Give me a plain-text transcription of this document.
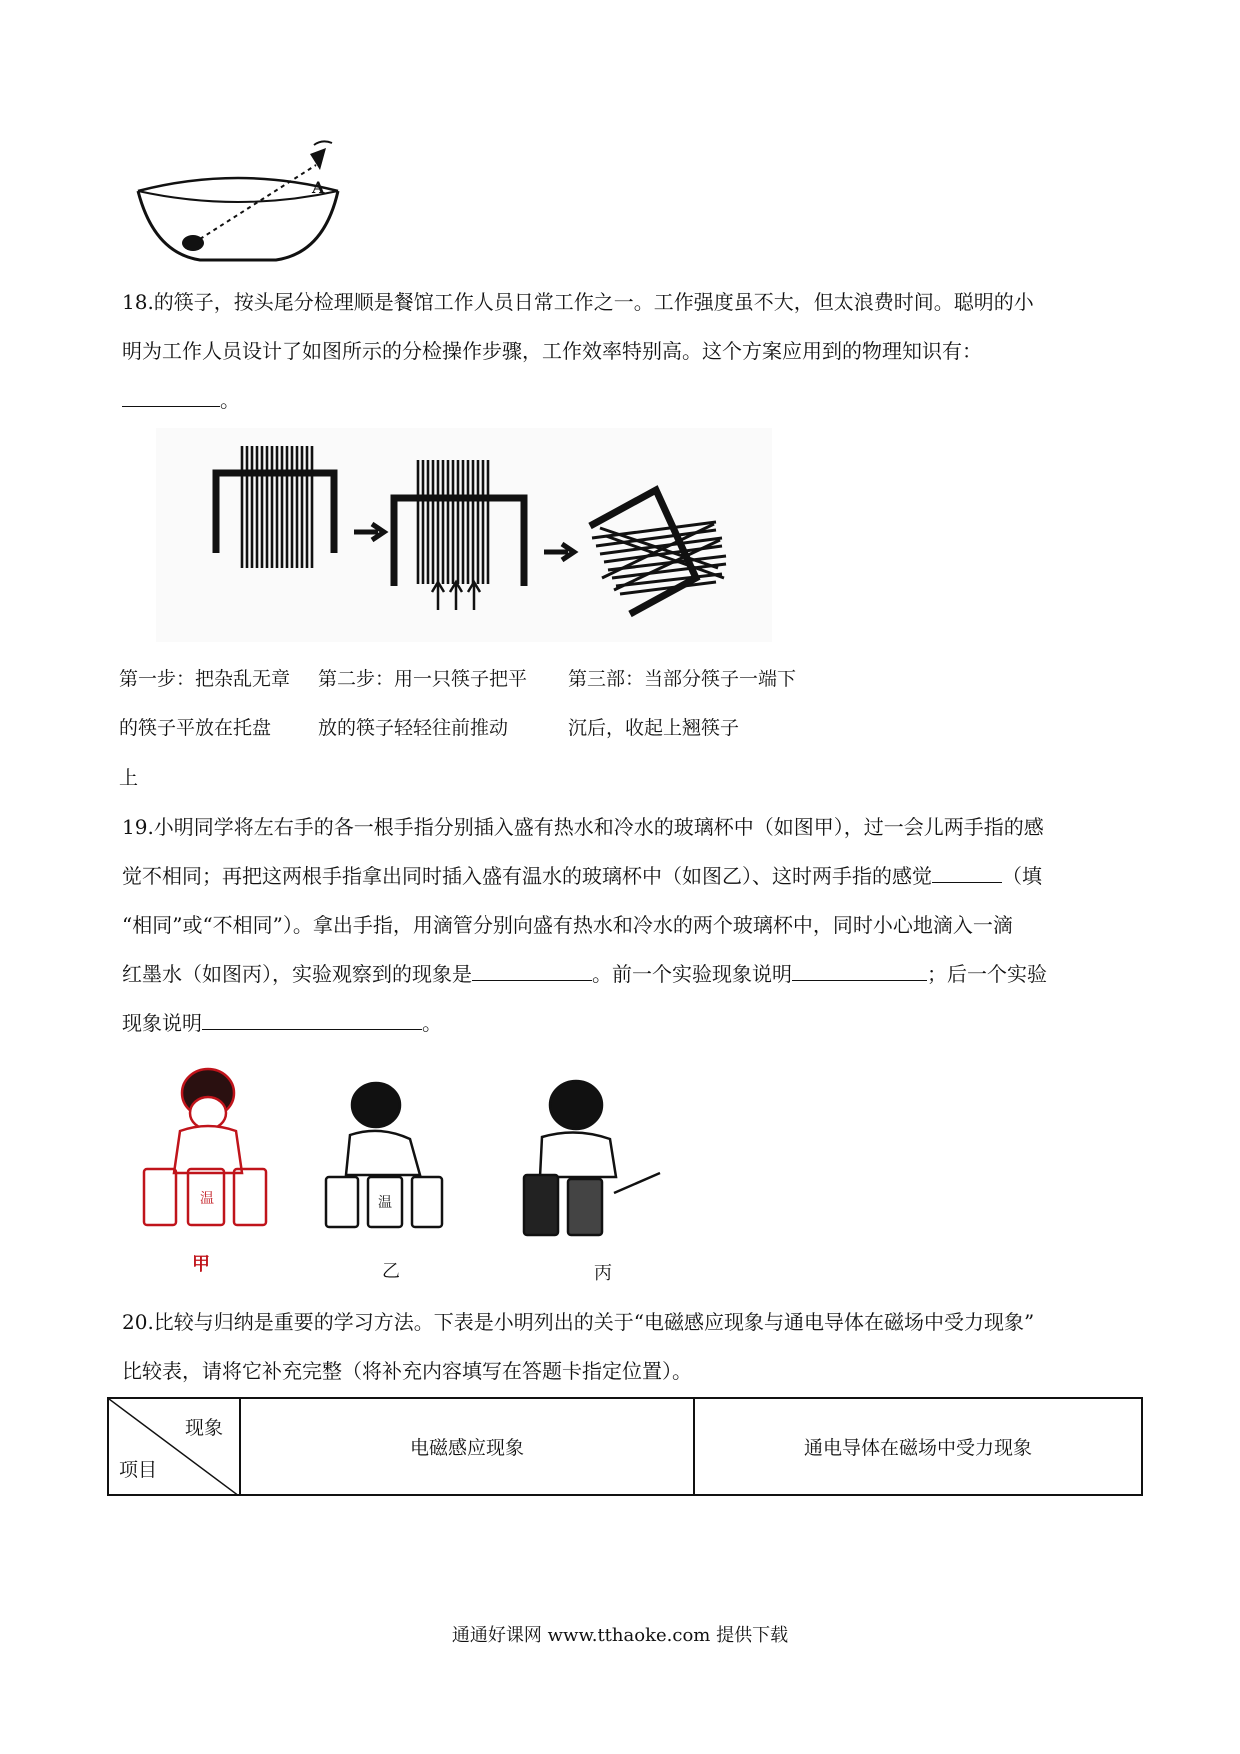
A
18.的筷子，按头尾分检理顺是餐馆工作人员日常工作之一。工作强度虽不大，但太浪费时间。聪明的小
明为工作人员设计了如图所示的分检操作步骤，工作效率特别高。这个方案应用到的物理知识有：
。
第一步：把杂乱无章 第二步：用一只筷子把平 第三部：当部分筷子一端下
的筷子平放在托盘 放的筷子轻轻往前推动	沉后，收起上翘筷子
上
19.小明同学将左右手的各一根手指分别插入盛有热水和冷水的玻璃杯中（如图甲），过一会儿两手指的感
觉不相同；再把这两根手指拿出同时插入盛有温水的玻璃杯中（如图乙）、这时两手指的感觉	（填
“相同”或“不相同”）。拿出手指，用滴管分别向盛有热水和冷水的两个玻璃杯中，同时小心地滴入一滴
红墨水（如图丙），实验观察到的现象是	。前一个实验现象说明	；后一个实验
现象说明	。
温
甲
温
乙	丙
20.比较与归纳是重要的学习方法。下表是小明列出的关于“电磁感应现象与通电导体在磁场中受力现象”
比较表，请将它补充完整（将补充内容填写在答题卡指定位置）。
现象
项目
	电磁感应现象	通电导体在磁场中受力现象
通通好课网 www.tthaoke.com 提供下载
